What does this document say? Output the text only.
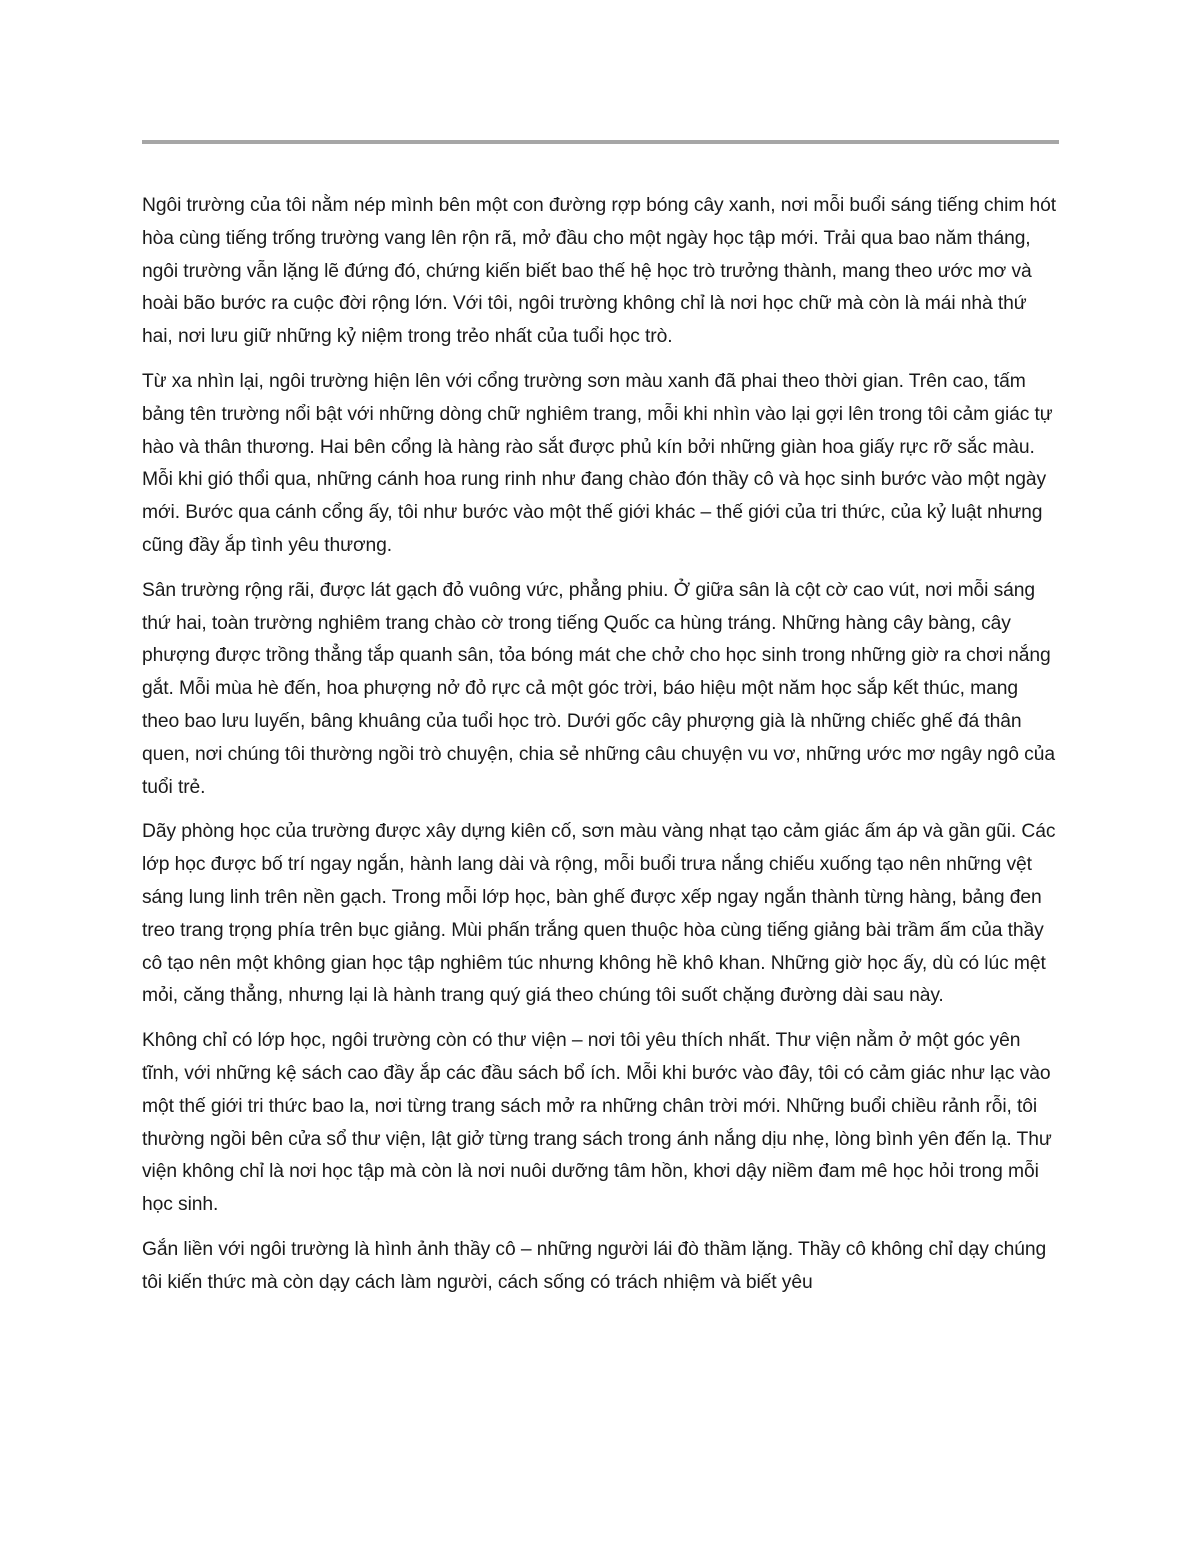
Ngôi trường của tôi nằm nép mình bên một con đường rợp bóng cây xanh, nơi mỗi buổi sáng tiếng chim hót hòa cùng tiếng trống trường vang lên rộn rã, mở đầu cho một ngày học tập mới. Trải qua bao năm tháng, ngôi trường vẫn lặng lẽ đứng đó, chứng kiến biết bao thế hệ học trò trưởng thành, mang theo ước mơ và hoài bão bước ra cuộc đời rộng lớn. Với tôi, ngôi trường không chỉ là nơi học chữ mà còn là mái nhà thứ hai, nơi lưu giữ những kỷ niệm trong trẻo nhất của tuổi học trò.

Từ xa nhìn lại, ngôi trường hiện lên với cổng trường sơn màu xanh đã phai theo thời gian. Trên cao, tấm bảng tên trường nổi bật với những dòng chữ nghiêm trang, mỗi khi nhìn vào lại gợi lên trong tôi cảm giác tự hào và thân thương. Hai bên cổng là hàng rào sắt được phủ kín bởi những giàn hoa giấy rực rỡ sắc màu. Mỗi khi gió thổi qua, những cánh hoa rung rinh như đang chào đón thầy cô và học sinh bước vào một ngày mới. Bước qua cánh cổng ấy, tôi như bước vào một thế giới khác – thế giới của tri thức, của kỷ luật nhưng cũng đầy ắp tình yêu thương.

Sân trường rộng rãi, được lát gạch đỏ vuông vức, phẳng phiu. Ở giữa sân là cột cờ cao vút, nơi mỗi sáng thứ hai, toàn trường nghiêm trang chào cờ trong tiếng Quốc ca hùng tráng. Những hàng cây bàng, cây phượng được trồng thẳng tắp quanh sân, tỏa bóng mát che chở cho học sinh trong những giờ ra chơi nắng gắt. Mỗi mùa hè đến, hoa phượng nở đỏ rực cả một góc trời, báo hiệu một năm học sắp kết thúc, mang theo bao lưu luyến, bâng khuâng của tuổi học trò. Dưới gốc cây phượng già là những chiếc ghế đá thân quen, nơi chúng tôi thường ngồi trò chuyện, chia sẻ những câu chuyện vu vơ, những ước mơ ngây ngô của tuổi trẻ.

Dãy phòng học của trường được xây dựng kiên cố, sơn màu vàng nhạt tạo cảm giác ấm áp và gần gũi. Các lớp học được bố trí ngay ngắn, hành lang dài và rộng, mỗi buổi trưa nắng chiếu xuống tạo nên những vệt sáng lung linh trên nền gạch. Trong mỗi lớp học, bàn ghế được xếp ngay ngắn thành từng hàng, bảng đen treo trang trọng phía trên bục giảng. Mùi phấn trắng quen thuộc hòa cùng tiếng giảng bài trầm ấm của thầy cô tạo nên một không gian học tập nghiêm túc nhưng không hề khô khan. Những giờ học ấy, dù có lúc mệt mỏi, căng thẳng, nhưng lại là hành trang quý giá theo chúng tôi suốt chặng đường dài sau này.

Không chỉ có lớp học, ngôi trường còn có thư viện – nơi tôi yêu thích nhất. Thư viện nằm ở một góc yên tĩnh, với những kệ sách cao đầy ắp các đầu sách bổ ích. Mỗi khi bước vào đây, tôi có cảm giác như lạc vào một thế giới tri thức bao la, nơi từng trang sách mở ra những chân trời mới. Những buổi chiều rảnh rỗi, tôi thường ngồi bên cửa sổ thư viện, lật giở từng trang sách trong ánh nắng dịu nhẹ, lòng bình yên đến lạ. Thư viện không chỉ là nơi học tập mà còn là nơi nuôi dưỡng tâm hồn, khơi dậy niềm đam mê học hỏi trong mỗi học sinh.

Gắn liền với ngôi trường là hình ảnh thầy cô – những người lái đò thầm lặng. Thầy cô không chỉ dạy chúng tôi kiến thức mà còn dạy cách làm người, cách sống có trách nhiệm và biết yêu
